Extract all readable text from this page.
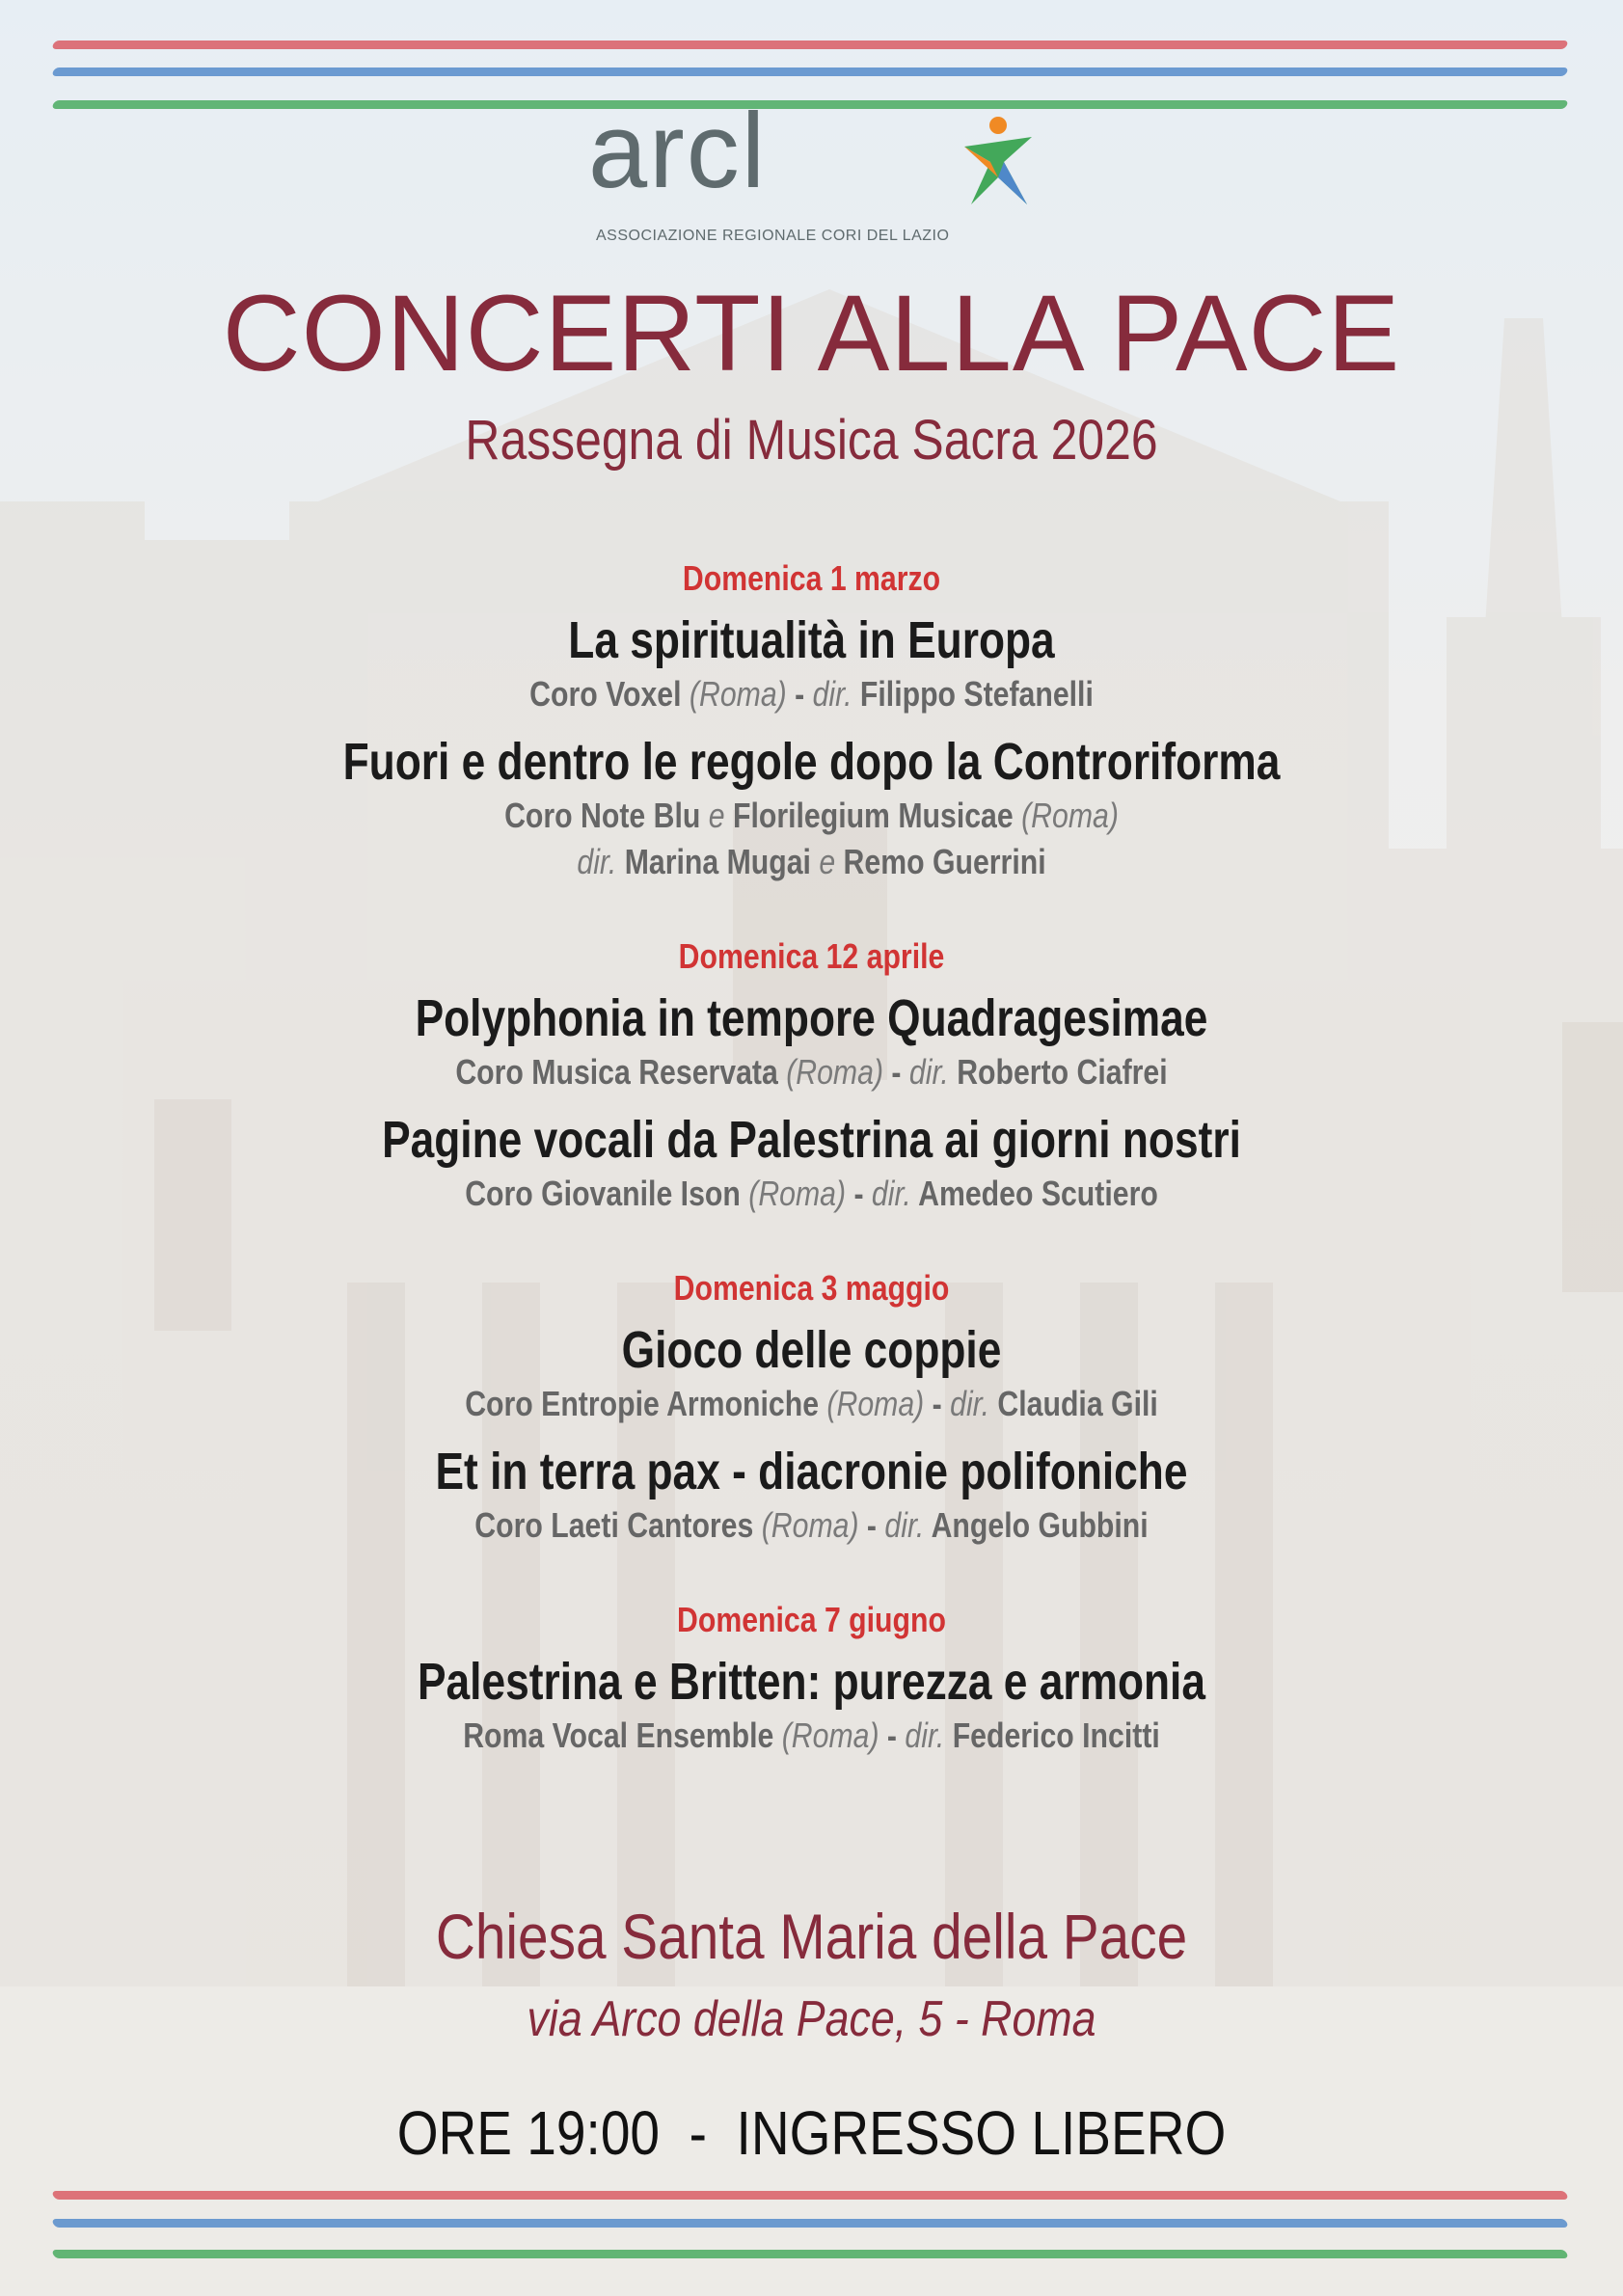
arcl
ASSOCIAZIONE REGIONALE CORI DEL LAZIO
CONCERTI ALLA PACE
Rassegna di Musica Sacra 2026
Domenica 1 marzo
La spiritualità in Europa
Coro Voxel (Roma) - dir. Filippo Stefanelli
Fuori e dentro le regole dopo la Controriforma
Coro Note Blu e Florilegium Musicae (Roma)
dir. Marina Mugai e Remo Guerrini
Domenica 12 aprile
Polyphonia in tempore Quadragesimae
Coro Musica Reservata (Roma) - dir. Roberto Ciafrei
Pagine vocali da Palestrina ai giorni nostri
Coro Giovanile Ison (Roma) - dir. Amedeo Scutiero
Domenica 3 maggio
Gioco delle coppie
Coro Entropie Armoniche (Roma) - dir. Claudia Gili
Et in terra pax - diacronie polifoniche
Coro Laeti Cantores (Roma) - dir. Angelo Gubbini
Domenica 7 giugno
Palestrina e Britten: purezza e armonia
Roma Vocal Ensemble (Roma) - dir. Federico Incitti
Chiesa Santa Maria della Pace
via Arco della Pace, 5 - Roma
ORE 19:00  -  INGRESSO LIBERO
